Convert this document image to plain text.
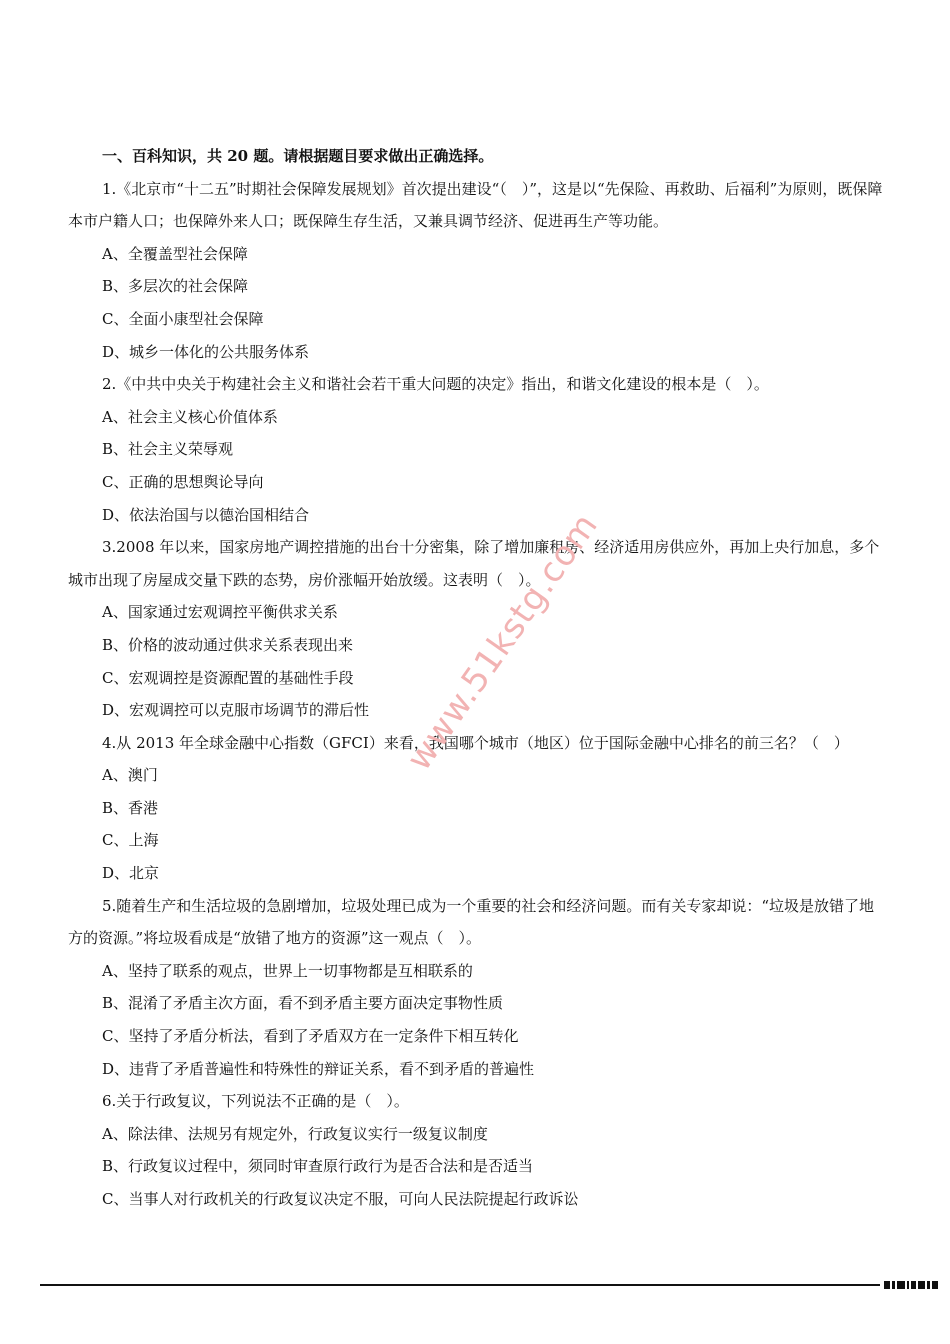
一、百科知识，共 20 题。请根据题目要求做出正确选择。

1.《北京市“十二五”时期社会保障发展规划》首次提出建设“（　）”，这是以“先保险、再救助、后福利”为原则，既保障本市户籍人口；也保障外来人口；既保障生存生活，又兼具调节经济、促进再生产等功能。

A、全覆盖型社会保障
B、多层次的社会保障
C、全面小康型社会保障
D、城乡一体化的公共服务体系

2.《中共中央关于构建社会主义和谐社会若干重大问题的决定》指出，和谐文化建设的根本是（　）。

A、社会主义核心价值体系
B、社会主义荣辱观
C、正确的思想舆论导向
D、依法治国与以德治国相结合

3.2008 年以来，国家房地产调控措施的出台十分密集，除了增加廉租房、经济适用房供应外，再加上央行加息，多个城市出现了房屋成交量下跌的态势，房价涨幅开始放缓。这表明（　）。

A、国家通过宏观调控平衡供求关系
B、价格的波动通过供求关系表现出来
C、宏观调控是资源配置的基础性手段
D、宏观调控可以克服市场调节的滞后性

4.从 2013 年全球金融中心指数（GFCI）来看，我国哪个城市（地区）位于国际金融中心排名的前三名？（　）

A、澳门
B、香港
C、上海
D、北京

5.随着生产和生活垃圾的急剧增加，垃圾处理已成为一个重要的社会和经济问题。而有关专家却说：“垃圾是放错了地方的资源。”将垃圾看成是“放错了地方的资源”这一观点（　）。

A、坚持了联系的观点，世界上一切事物都是互相联系的
B、混淆了矛盾主次方面，看不到矛盾主要方面决定事物性质
C、坚持了矛盾分析法，看到了矛盾双方在一定条件下相互转化
D、违背了矛盾普遍性和特殊性的辩证关系，看不到矛盾的普遍性

6.关于行政复议，下列说法不正确的是（　）。

A、除法律、法规另有规定外，行政复议实行一级复议制度
B、行政复议过程中，须同时审查原行政行为是否合法和是否适当
C、当事人对行政机关的行政复议决定不服，可向人民法院提起行政诉讼
www.51kstg.com
